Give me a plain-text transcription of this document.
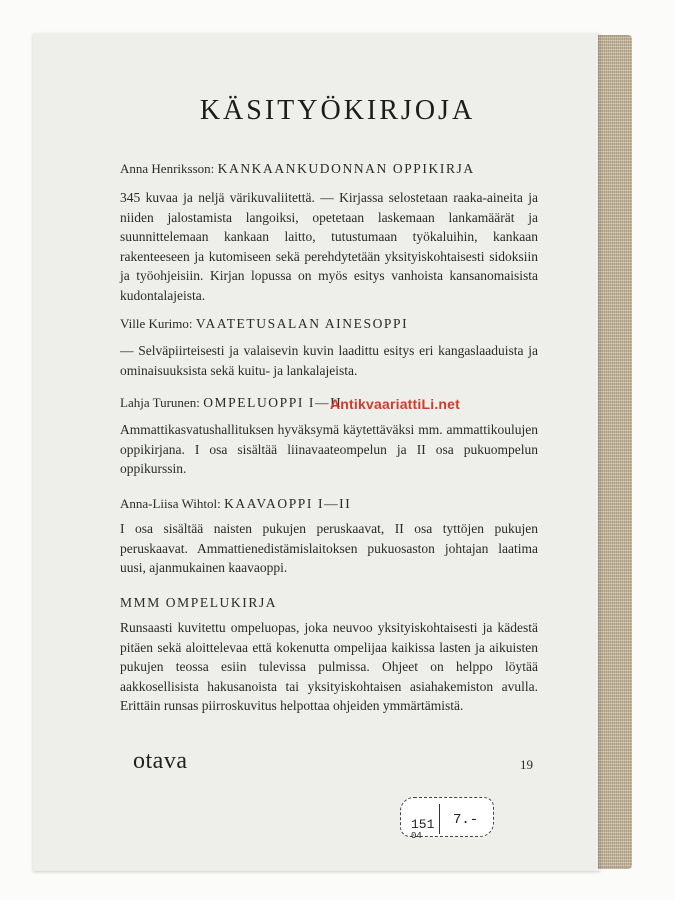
KÄSITYÖKIRJOJA
Anna Henriksson: KANKAANKUDONNAN OPPIKIRJA
345 kuvaa ja neljä värikuvaliitettä. — Kirjassa selostetaan raaka-aineita ja niiden jalostamista langoiksi, opetetaan laskemaan lankamäärät ja suunnittelemaan kankaan laitto, tutustumaan työkaluihin, kankaan rakenteeseen ja kutomiseen sekä perehdytetään yksityiskohtaisesti sidoksiin ja työohjeisiin. Kirjan lopussa on myös esitys vanhoista kansanomaisista kudontalajeista.
Ville Kurimo: VAATETUSALAN AINESOPPI
— Selväpiirteisesti ja valaisevin kuvin laadittu esitys eri kangaslaaduista ja ominaisuuksista sekä kuitu- ja lankalajeista.
Lahja Turunen: OMPELUOPPI I—II
Ammattikasvatushallituksen hyväksymä käytettäväksi mm. ammattikoulujen oppikirjana. I osa sisältää liinavaateompelun ja II osa pukuompelun oppikurssin.
Anna-Liisa Wihtol: KAAVAOPPI I—II
I osa sisältää naisten pukujen peruskaavat, II osa tyttöjen pukujen peruskaavat. Ammattienedistämislaitoksen pukuosaston johtajan laatima uusi, ajanmukainen kaavaoppi.
MMM OMPELUKIRJA
Runsaasti kuvitettu ompeluopas, joka neuvoo yksityiskohtaisesti ja kädestä pitäen sekä aloittelevaa että kokenutta ompelijaa kaikissa lasten ja aikuisten pukujen teossa esiin tulevissa pulmissa. Ohjeet on helppo löytää aakkosellisista hakusanoista tai yksityiskohtaisen asiahakemiston avulla. Erittäin runsas piirroskuvitus helpottaa ohjeiden ymmärtämistä.
otava	19
151 7.-
04
AntikvaariattiLi.net
